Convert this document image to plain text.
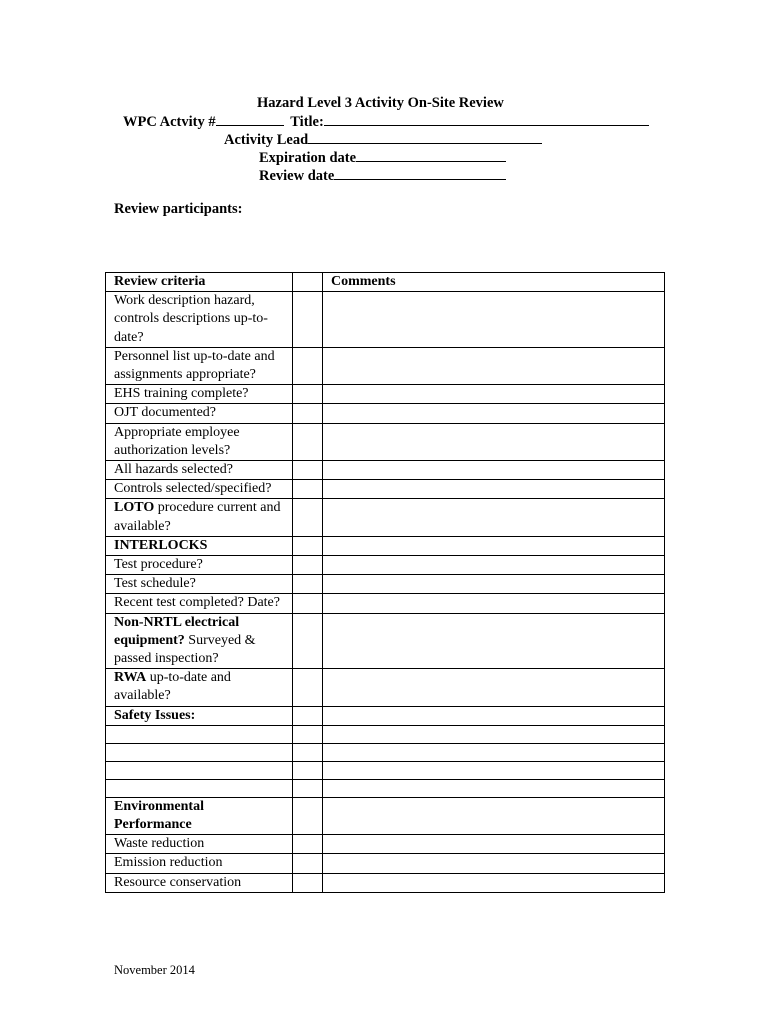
Hazard Level 3 Activity On-Site Review
WPC Actvity #	Title:
Activity Lead
Expiration date
Review date
Review participants:
Review criteria		Comments
Work description hazard, controls descriptions up-to-date?		
Personnel list up-to-date and assignments appropriate?		
EHS training complete?		
OJT documented?		
Appropriate employee authorization levels?		
All hazards selected?		
Controls selected/specified?		
LOTO procedure current and available?		
INTERLOCKS		
Test procedure?		
Test schedule?		
Recent test completed? Date?		
Non-NRTL electrical equipment? Surveyed & passed inspection?		
RWA up-to-date and available?		
Safety Issues:		

Environmental Performance		
Waste reduction		
Emission reduction		
Resource conservation		
November 2014
